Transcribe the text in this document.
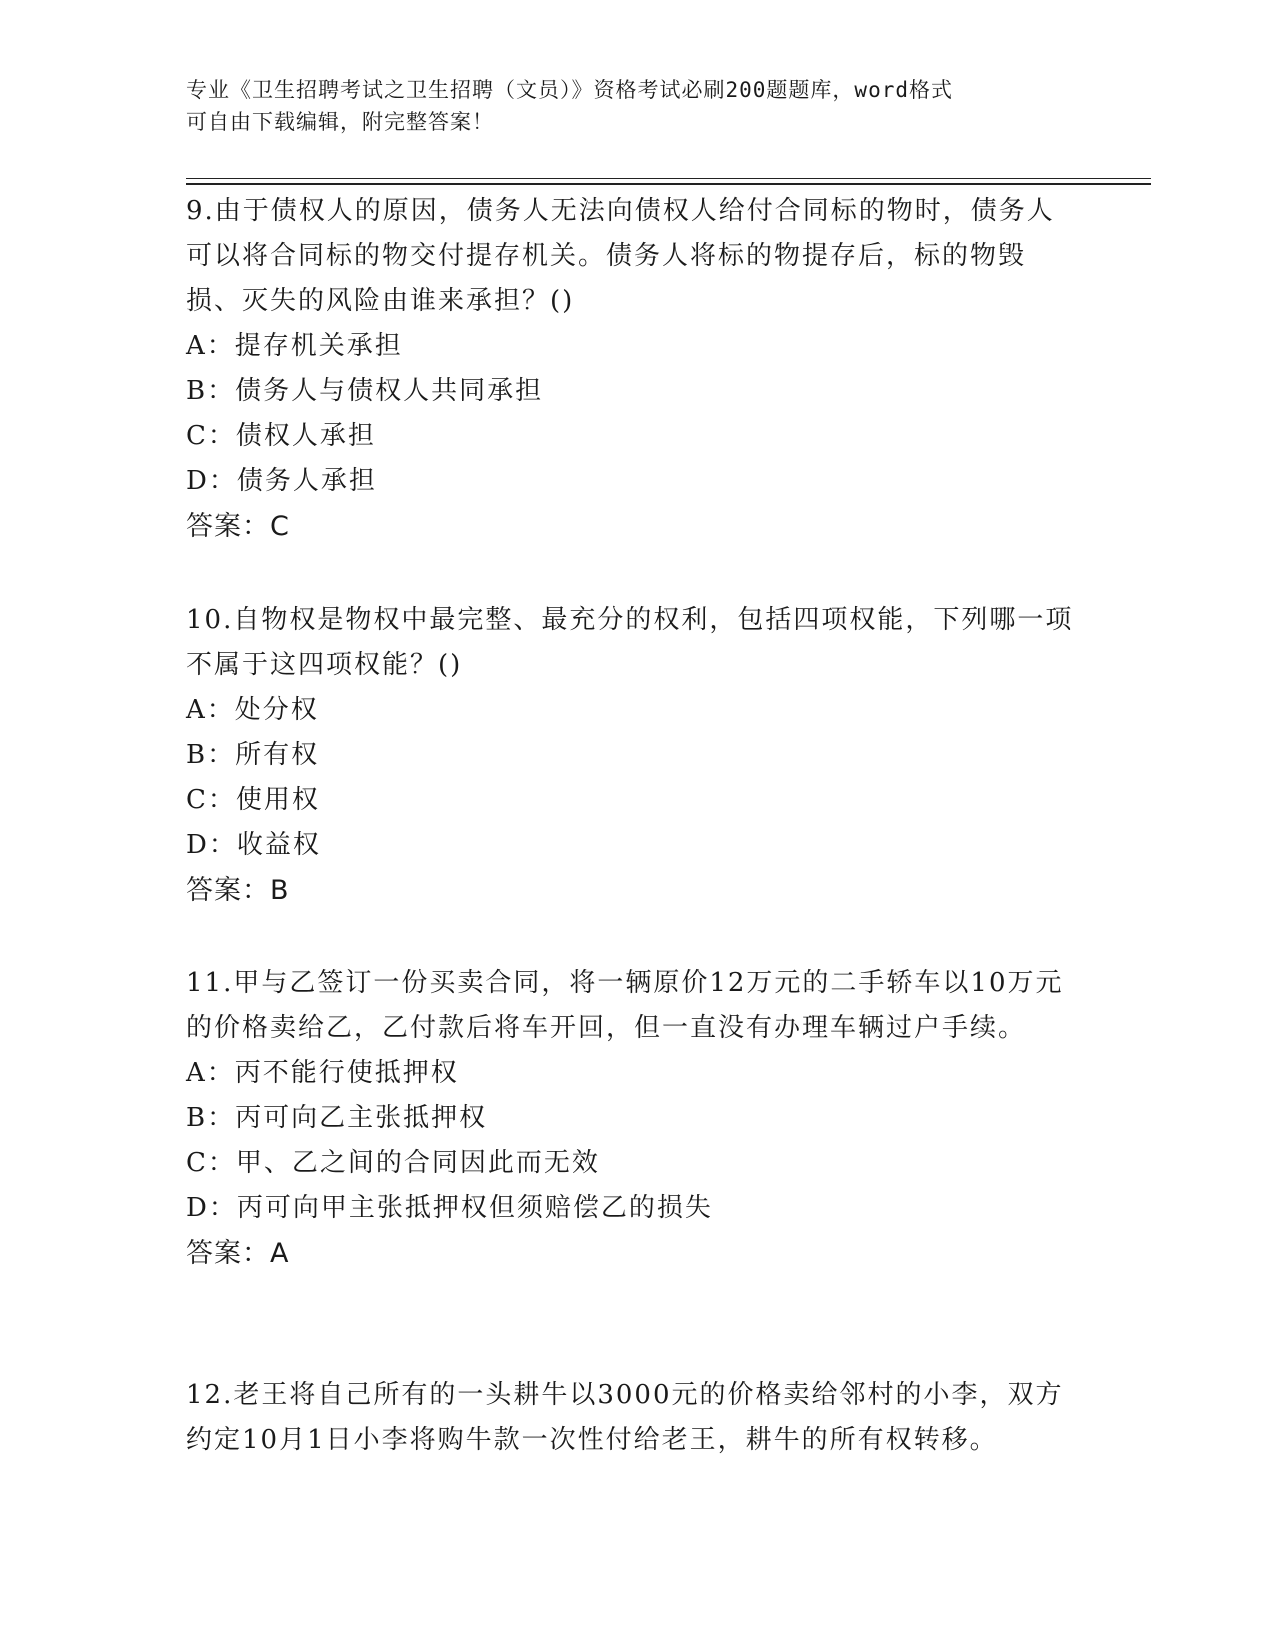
专业《卫生招聘考试之卫生招聘（文员）》资格考试必刷200题题库，word格式
可自由下载编辑，附完整答案！

9.由于债权人的原因，债务人无法向债权人给付合同标的物时，债务人可以将合同标的物交付提存机关。债务人将标的物提存后，标的物毁损、灭失的风险由谁来承担？()

A：提存机关承担

B：债务人与债权人共同承担

C：债权人承担

D：债务人承担

答案：C

10.自物权是物权中最完整、最充分的权利，包括四项权能，下列哪一项不属于这四项权能？()

A：处分权

B：所有权

C：使用权

D：收益权

答案：B

11.甲与乙签订一份买卖合同，将一辆原价12万元的二手轿车以10万元的价格卖给乙，乙付款后将车开回，但一直没有办理车辆过户手续。

A：丙不能行使抵押权

B：丙可向乙主张抵押权

C：甲、乙之间的合同因此而无效

D：丙可向甲主张抵押权但须赔偿乙的损失

答案：A

12.老王将自己所有的一头耕牛以3000元的价格卖给邻村的小李，双方约定10月1日小李将购牛款一次性付给老王，耕牛的所有权转移。
